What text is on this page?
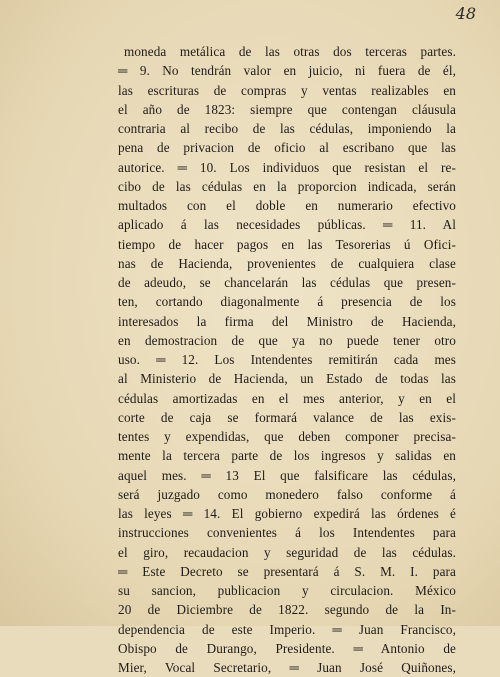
48
moneda metálica de las otras dos terceras partes.
═ 9. No tendrán valor en juicio, ni fuera de él,
las escrituras de compras y ventas realizables en
el año de 1823: siempre que contengan cláusula
contraria al recibo de las cédulas, imponiendo la
pena de privacion de oficio al escribano que las
autorice. ═ 10. Los individuos que resistan el re-
cibo de las cédulas en la proporcion indicada, serán
multados con el doble en numerario efectivo
aplicado á las necesidades públicas. ═ 11. Al
tiempo de hacer pagos en las Tesorerias ú Ofici-
nas de Hacienda, provenientes de cualquiera clase
de adeudo, se chancelarán las cédulas que presen-
ten, cortando diagonalmente á presencia de los
interesados la firma del Ministro de Hacienda,
en demostracion de que ya no puede tener otro
uso. ═ 12. Los Intendentes remitirán cada mes
al Ministerio de Hacienda, un Estado de todas las
cédulas amortizadas en el mes anterior, y en el
corte de caja se formará valance de las exis-
tentes y expendidas, que deben componer precisa-
mente la tercera parte de los ingresos y salidas en
aquel mes. ═ 13 El que falsificare las cédulas,
será juzgado como monedero falso conforme á
las leyes ═ 14. El gobierno expedirá las órdenes é
instrucciones convenientes á los Intendentes para
el giro, recaudacion y seguridad de las cédulas.
═ Este Decreto se presentará á S. M. I. para
su sancion, publicacion y circulacion. México
20 de Diciembre de 1822. segundo de la In-
dependencia de este Imperio. ═ Juan Francisco,
Obispo de Durango, Presidente. ═ Antonio de
Mier, Vocal Secretario, ═ Juan José Quiñones,
